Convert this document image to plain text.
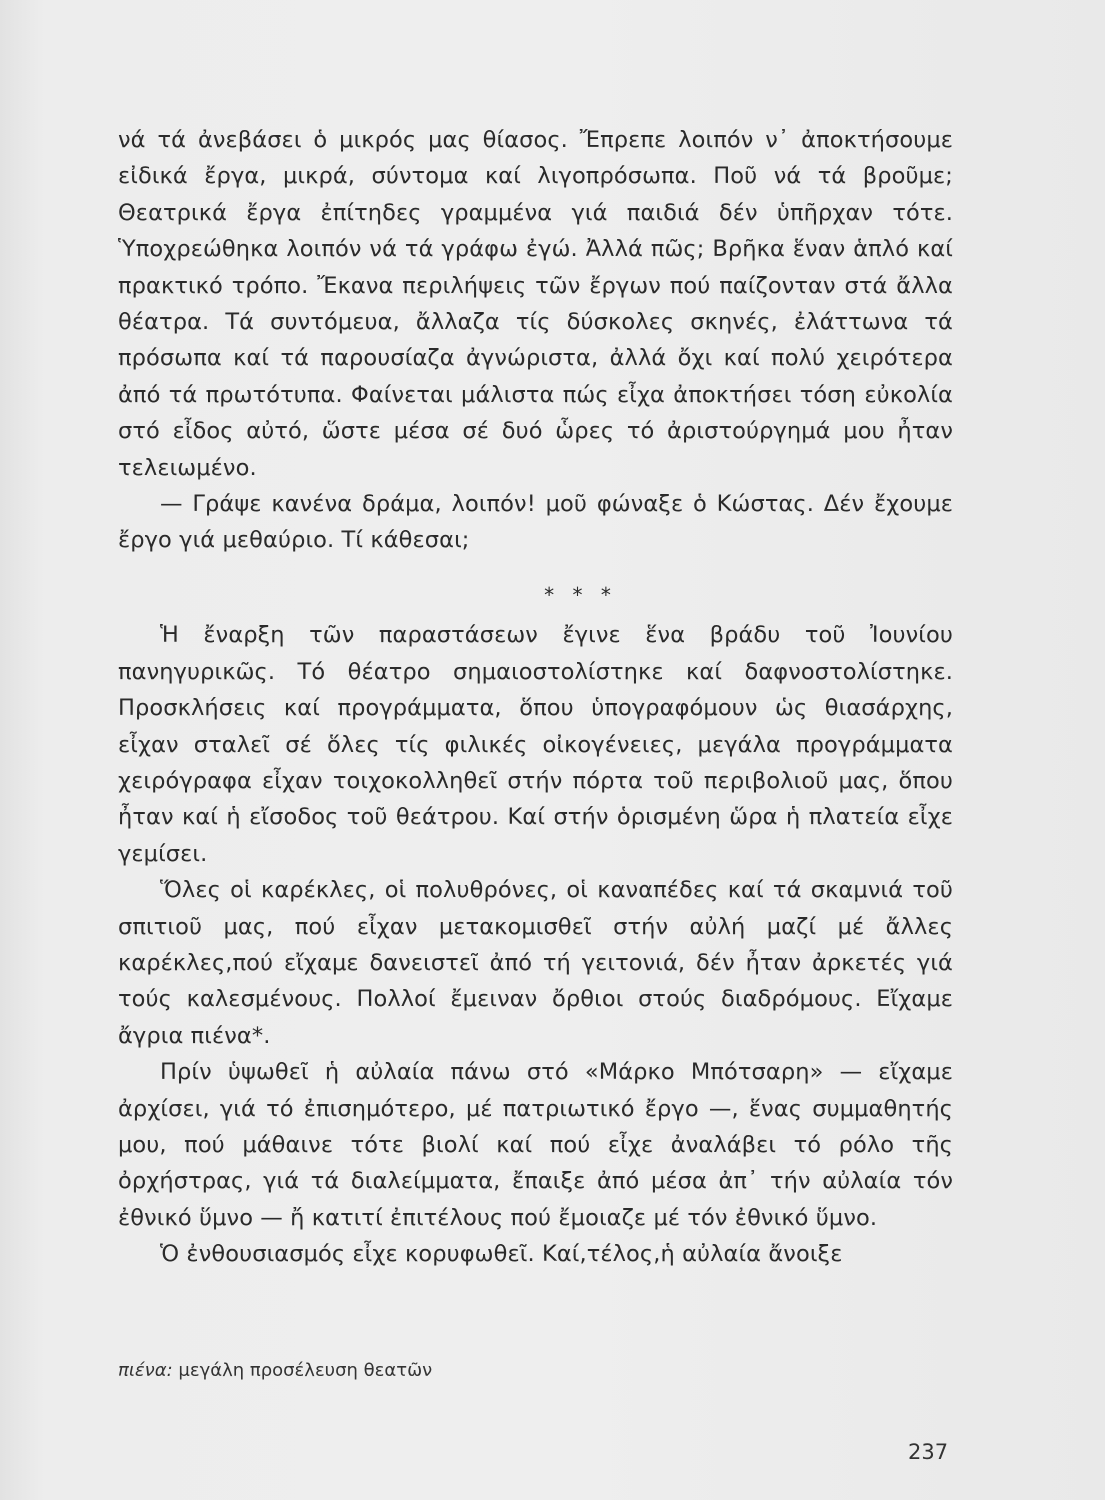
νά τά ἀνεβάσει ὁ μικρός μας θίασος. Ἔπρεπε λοιπόν ν᾽ ἀποκτήσουμε εἰδικά ἔργα, μικρά, σύντομα καί λιγοπρόσωπα. Ποῦ νά τά βροῦμε; Θεατρικά ἔργα ἐπίτηδες γραμμένα γιά παιδιά δέν ὑπῆρχαν τότε. Ὑποχρεώθηκα λοιπόν νά τά γράφω ἐγώ. Ἀλλά πῶς; Βρῆκα ἕναν ἁπλό καί πρακτικό τρόπο. Ἔκανα περιλήψεις τῶν ἔργων πού παίζονταν στά ἄλλα θέατρα. Τά συντόμευα, ἄλλαζα τίς δύσκολες σκηνές, ἐλάττωνα τά πρόσωπα καί τά παρουσίαζα ἀγνώριστα, ἀλλά ὄχι καί πολύ χειρότερα ἀπό τά πρωτότυπα. Φαίνεται μάλιστα πώς εἶχα ἀποκτήσει τόση εὐκολία στό εἶδος αὐτό, ὥστε μέσα σέ δυό ὧρες τό ἀριστούργημά μου ἦταν τελειωμένο.

— Γράψε κανένα δράμα, λοιπόν! μοῦ φώναξε ὁ Κώστας. Δέν ἔχουμε ἔργο γιά μεθαύριο. Τί κάθεσαι;

* * *

Ἡ ἔναρξη τῶν παραστάσεων ἔγινε ἕνα βράδυ τοῦ Ἰουνίου πανηγυρικῶς. Τό θέατρο σημαιοστολίστηκε καί δαφνοστολίστηκε. Προσκλήσεις καί προγράμματα, ὅπου ὑπογραφόμουν ὡς θιασάρχης, εἶχαν σταλεῖ σέ ὅλες τίς φιλικές οἰκογένειες, μεγάλα προγράμματα χειρόγραφα εἶχαν τοιχοκολληθεῖ στήν πόρτα τοῦ περιβολιοῦ μας, ὅπου ἦταν καί ἡ εἴσοδος τοῦ θεάτρου. Καί στήν ὁρισμένη ὥρα ἡ πλατεία εἶχε γεμίσει.

Ὅλες οἱ καρέκλες, οἱ πολυθρόνες, οἱ καναπέδες καί τά σκαμνιά τοῦ σπιτιοῦ μας, πού εἶχαν μετακομισθεῖ στήν αὐλή μαζί μέ ἄλλες καρέκλες,πού εἴχαμε δανειστεῖ ἀπό τή γειτονιά, δέν ἦταν ἀρκετές γιά τούς καλεσμένους. Πολλοί ἔμειναν ὄρθιοι στούς διαδρόμους. Εἴχαμε ἄγρια πιένα*.

Πρίν ὑψωθεῖ ἡ αὐλαία πάνω στό «Μάρκο Μπότσαρη» — εἴχαμε ἀρχίσει, γιά τό ἐπισημότερο, μέ πατριωτικό ἔργο —, ἕνας συμμαθητής μου, πού μάθαινε τότε βιολί καί πού εἶχε ἀναλάβει τό ρόλο τῆς ὀρχήστρας, γιά τά διαλείμματα, ἔπαιξε ἀπό μέσα ἀπ᾽ τήν αὐλαία τόν ἐθνικό ὕμνο — ἤ κατιτί ἐπιτέλους πού ἔμοιαζε μέ τόν ἐθνικό ὕμνο.

Ὁ ἐνθουσιασμός εἶχε κορυφωθεῖ. Καί,τέλος,ἡ αὐλαία ἄνοιξε

πιένα: μεγάλη προσέλευση θεατῶν
237
